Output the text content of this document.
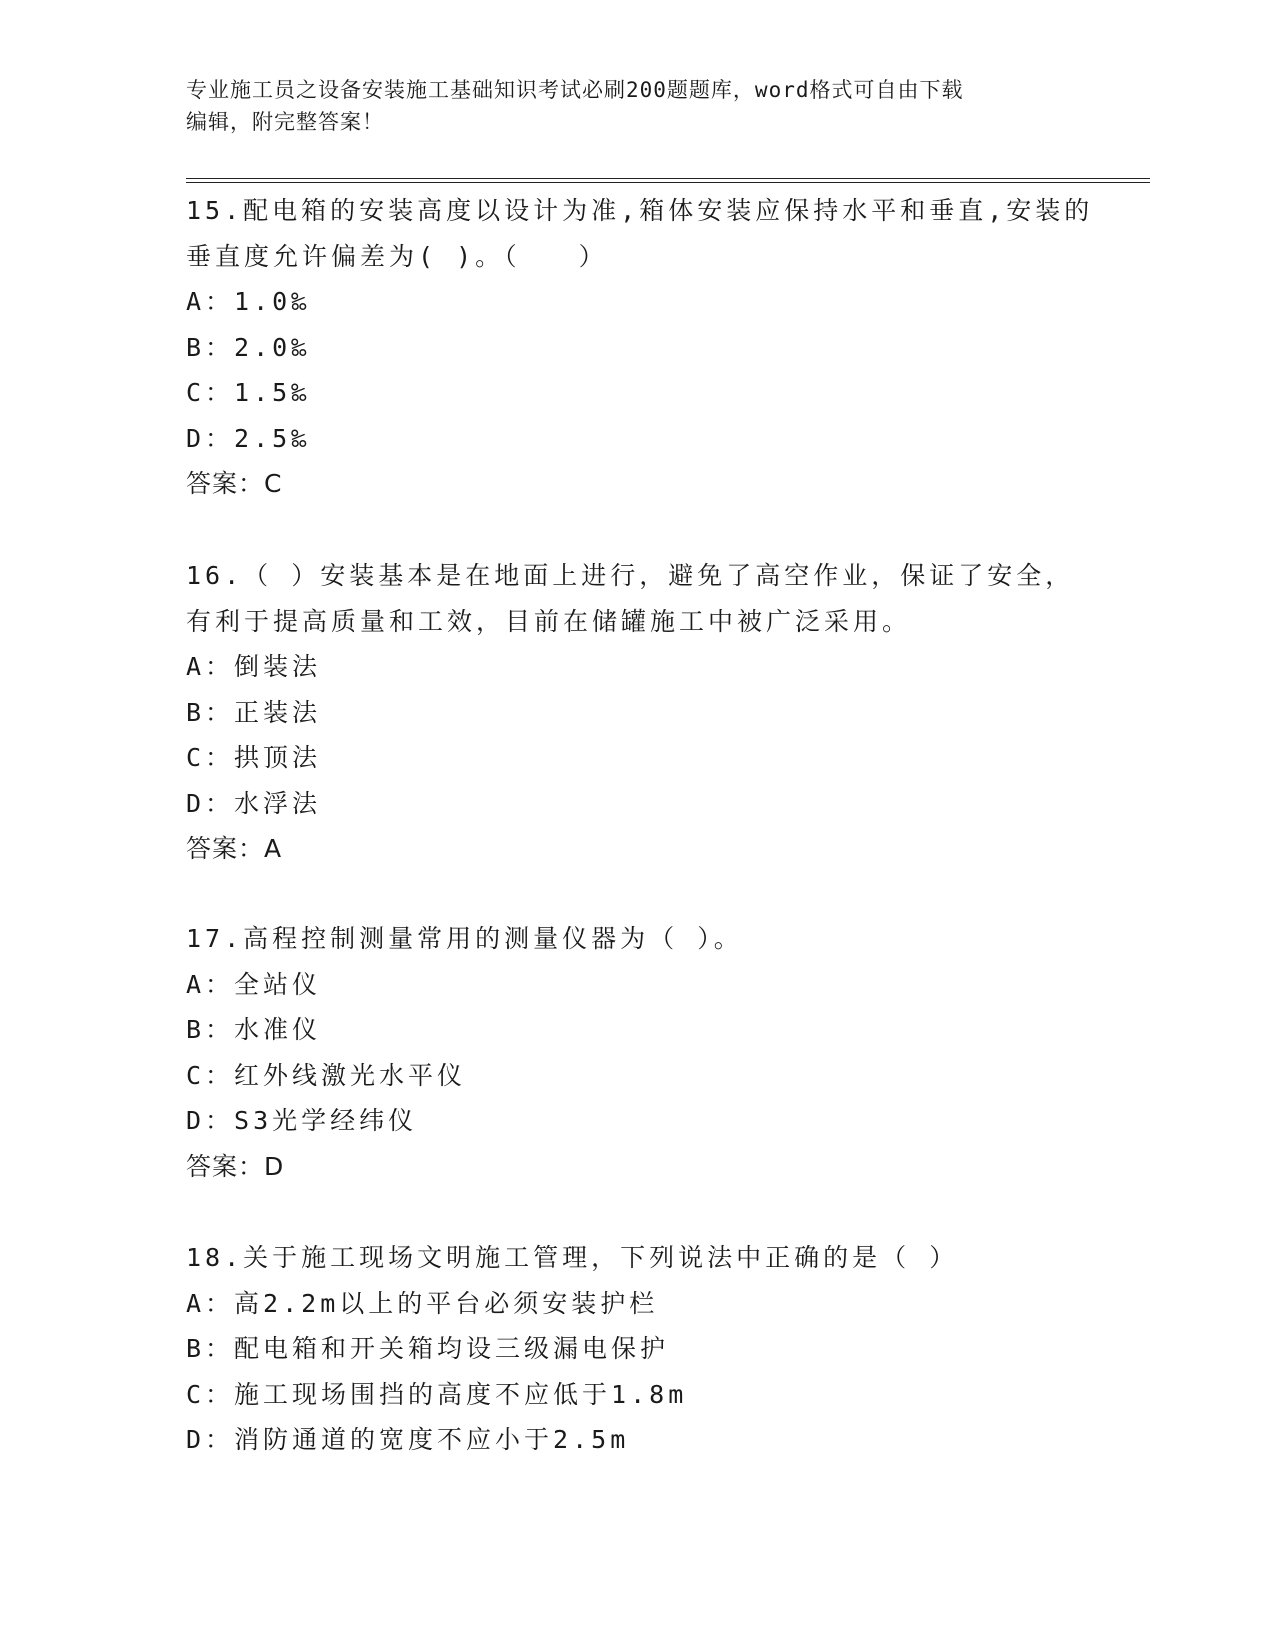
专业施工员之设备安装施工基础知识考试必刷200题题库，word格式可自由下载
编辑，附完整答案！
15.配电箱的安装高度以设计为准,箱体安装应保持水平和垂直,安装的
垂直度允许偏差为( )。（　　）
A：1.0‰
B：2.0‰
C：1.5‰
D：2.5‰
答案：C
16.（ ）安装基本是在地面上进行，避免了高空作业，保证了安全，
有利于提高质量和工效，目前在储罐施工中被广泛采用。
A：倒装法
B：正装法
C：拱顶法
D：水浮法
答案：A
17.高程控制测量常用的测量仪器为（ ）。
A：全站仪
B：水准仪
C：红外线激光水平仪
D：S3光学经纬仪
答案：D
18.关于施工现场文明施工管理，下列说法中正确的是（ ）
A：高2.2m以上的平台必须安装护栏
B：配电箱和开关箱均设三级漏电保护
C：施工现场围挡的高度不应低于1.8m
D：消防通道的宽度不应小于2.5m
